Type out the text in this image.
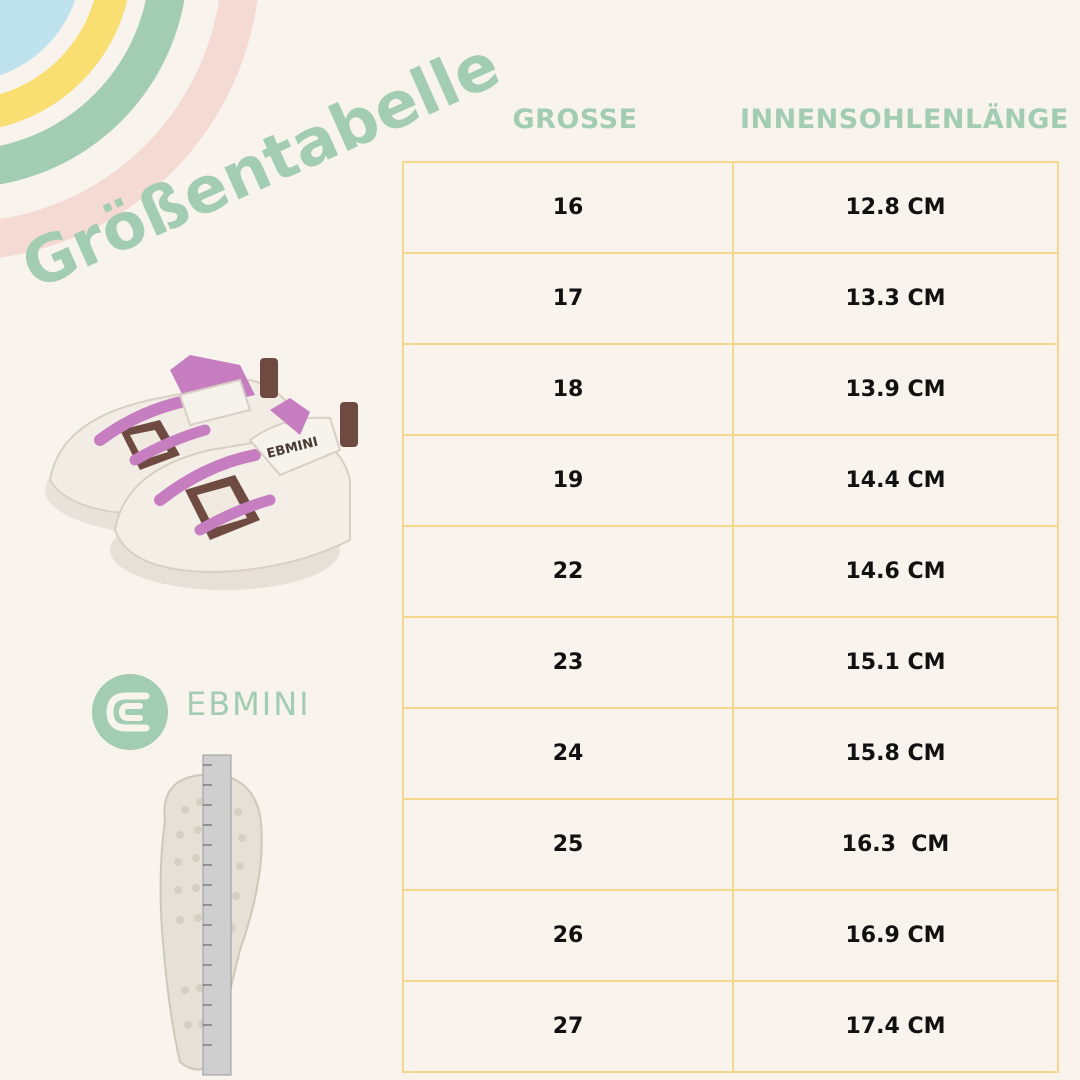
Größentabelle GROSSE	INNENSOHLENLÄNGE
16	12.8 CM
17	13.3 CM
18	13.9 CM
19	14.4 CM
22	14.6 CM
23	15.1 CM
24	15.8 CM
25	16.3  CM
26	16.9 CM
27	17.4 CM
EBMINI
EBMINI
